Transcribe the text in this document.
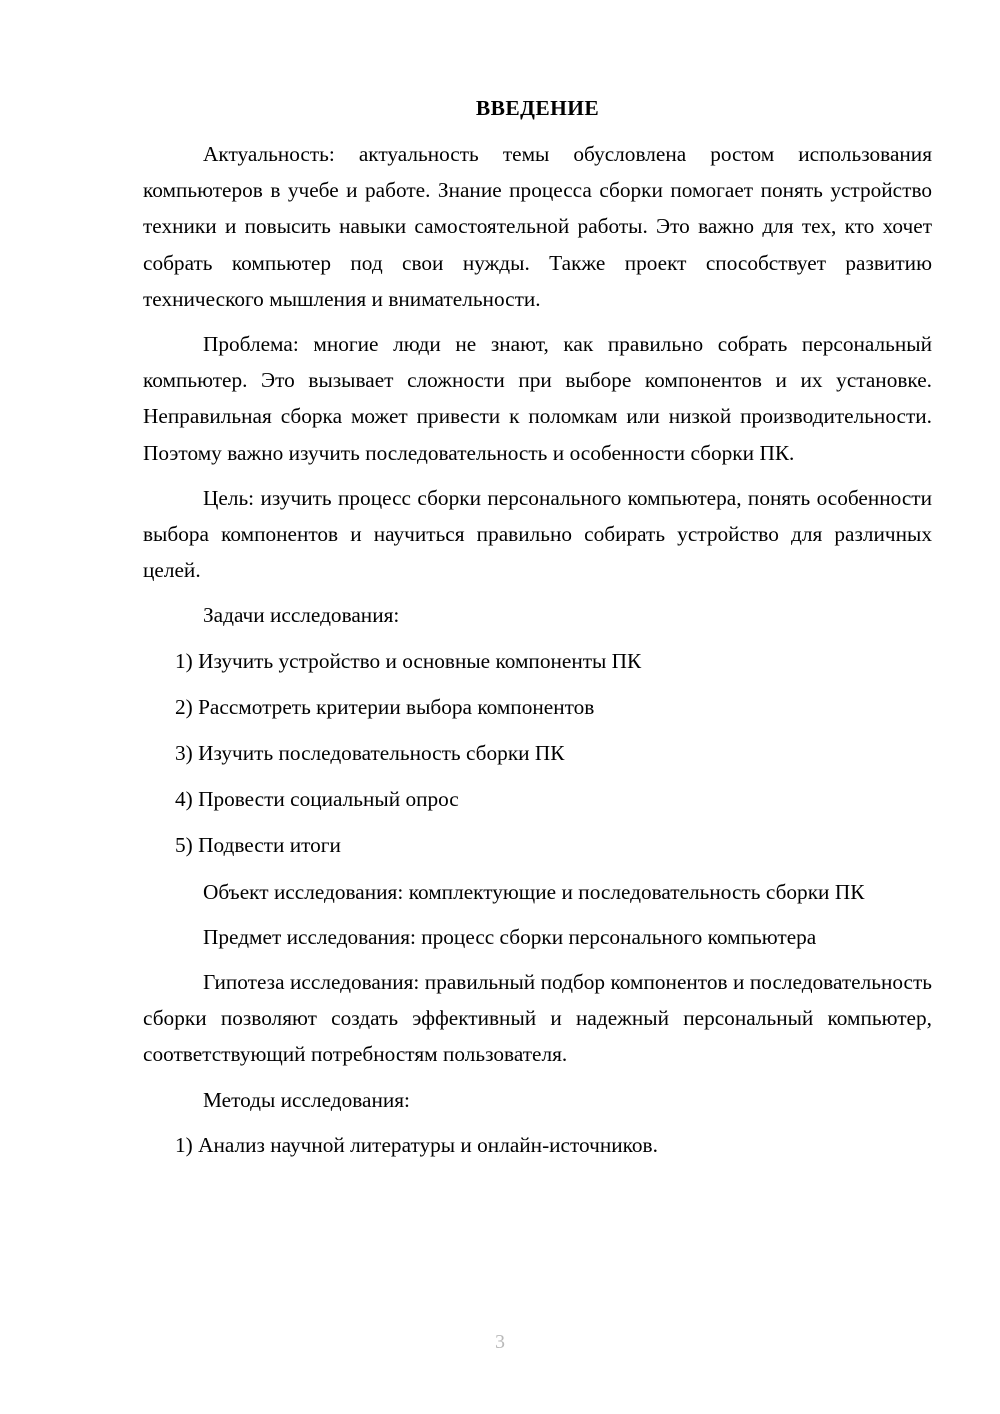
ВВЕДЕНИЕ

Актуальность: актуальность темы обусловлена ростом использования компьютеров в учебе и работе. Знание процесса сборки помогает понять устройство техники и повысить навыки самостоятельной работы. Это важно для тех, кто хочет собрать компьютер под свои нужды. Также проект способствует развитию технического мышления и внимательности.

Проблема: многие люди не знают, как правильно собрать персональный компьютер. Это вызывает сложности при выборе компонентов и их установке. Неправильная сборка может привести к поломкам или низкой производительности. Поэтому важно изучить последовательность и особенности сборки ПК.

Цель: изучить процесс сборки персонального компьютера, понять особенности выбора компонентов и научиться правильно собирать устройство для различных целей.

Задачи исследования:

1) Изучить устройство и основные компоненты ПК
2) Рассмотреть критерии выбора компонентов
3) Изучить последовательность сборки ПК
4) Провести социальный опрос
5) Подвести итоги

Объект исследования: комплектующие и последовательность сборки ПК

Предмет исследования: процесс сборки персонального компьютера

Гипотеза исследования: правильный подбор компонентов и последовательность сборки позволяют создать эффективный и надежный персональный компьютер, соответствующий потребностям пользователя.

Методы исследования:

1) Анализ научной литературы и онлайн-источников.
3
